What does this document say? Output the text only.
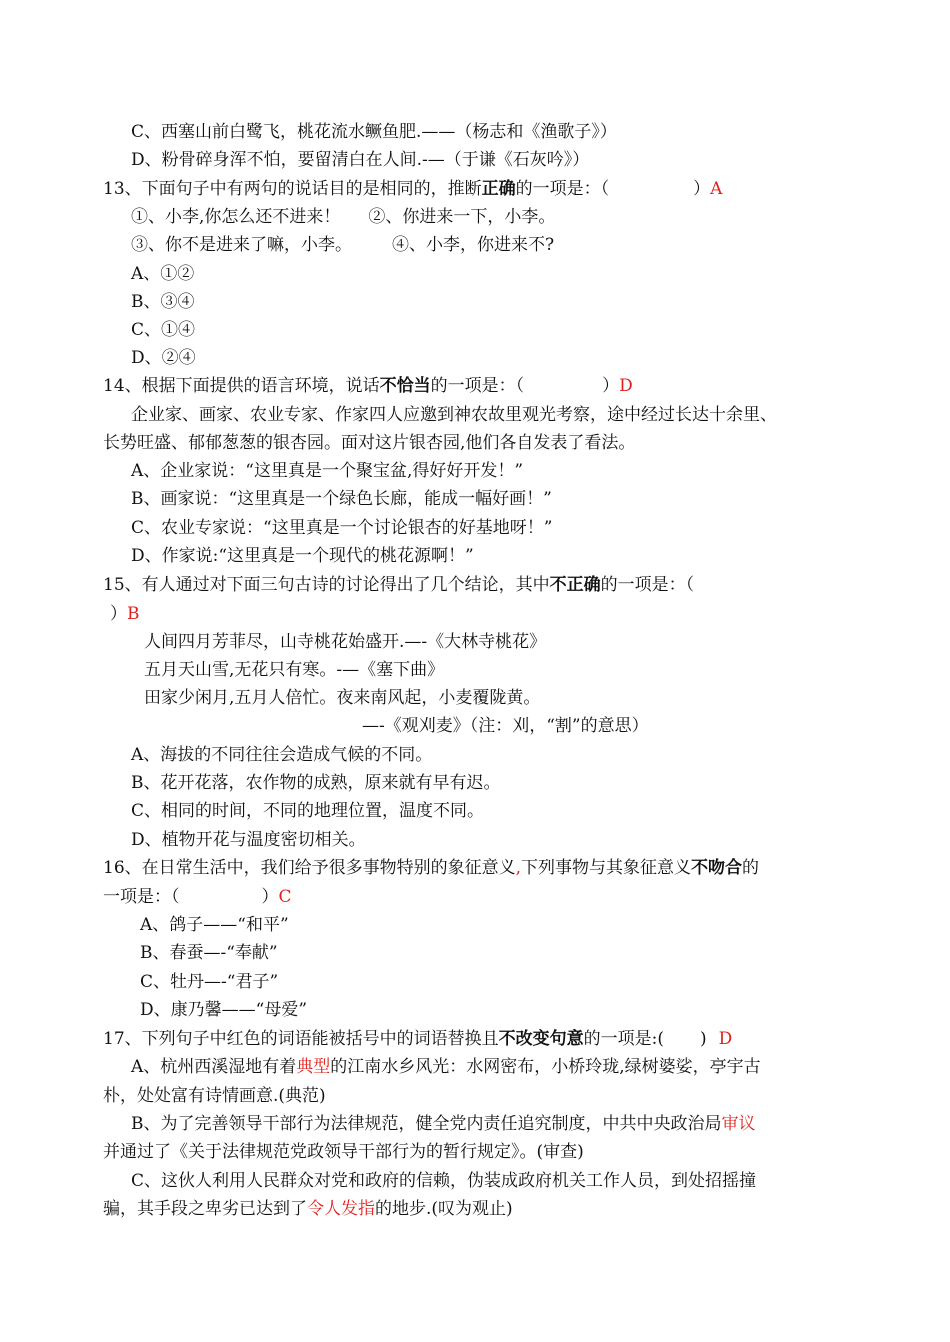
C、西塞山前白鹭飞，桃花流水鳜鱼肥.——（杨志和《渔歌子》）
D、粉骨碎身浑不怕，要留清白在人间.-—（于谦《石灰吟》）
13、下面句子中有两句的说话目的是相同的，推断正确的一项是：（	）A
①、小李,你怎么还不进来！ ②、你进来一下，小李。
③、你不是进来了嘛，小李。 ④、小李，你进来不?
A、①②
B、③④
C、①④
D、②④
14、根据下面提供的语言环境，说话不恰当的一项是：（	）D
企业家、画家、农业专家、作家四人应邀到神农故里观光考察，途中经过长达十余里、
长势旺盛、郁郁葱葱的银杏园。面对这片银杏园,他们各自发表了看法。
A、企业家说：“这里真是一个聚宝盆,得好好开发！”
B、画家说：“这里真是一个绿色长廊，能成一幅好画！”
C、农业专家说：“这里真是一个讨论银杏的好基地呀！”
D、作家说:“这里真是一个现代的桃花源啊！”
15、有人通过对下面三句古诗的讨论得出了几个结论，其中不正确的一项是：（
）B
人间四月芳菲尽，山寺桃花始盛开.—-《大林寺桃花》
五月天山雪,无花只有寒。-—《塞下曲》
田家少闲月,五月人倍忙。夜来南风起，小麦覆陇黄。
—-《观刈麦》（注：刈，“割”的意思）
A、海拔的不同往往会造成气候的不同。
B、花开花落，农作物的成熟，原来就有早有迟。
C、相同的时间，不同的地理位置，温度不同。
D、植物开花与温度密切相关。
16、在日常生活中，我们给予很多事物特别的象征意义,下列事物与其象征意义不吻合的
一项是：（	）C
A、鸽子——“和平”
B、春蚕—-“奉献”
C、牡丹—-“君子”
D、康乃馨——“母爱”
17、下列句子中红色的词语能被括号中的词语替换且不改变句意的一项是:( ) D
A、杭州西溪湿地有着典型的江南水乡风光：水网密布，小桥玲珑,绿树婆娑，亭宇古
朴，处处富有诗情画意.(典范)
B、为了完善领导干部行为法律规范，健全党内责任追究制度，中共中央政治局审议
并通过了《关于法律规范党政领导干部行为的暂行规定》。(审查)
C、这伙人利用人民群众对党和政府的信赖，伪装成政府机关工作人员，到处招摇撞
骗，其手段之卑劣已达到了令人发指的地步.(叹为观止)
